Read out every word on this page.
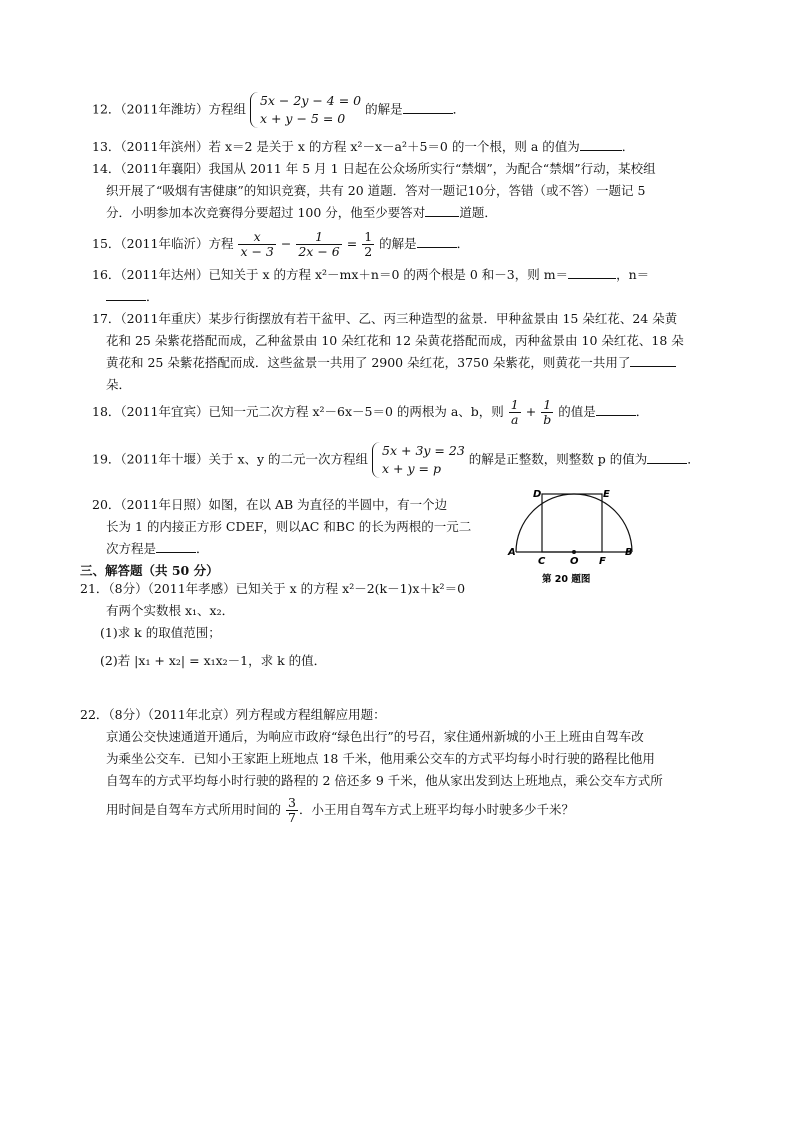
12．（2011年潍坊）方程组
5x − 2y − 4 = 0
x + y − 5 = 0
的解是	．
13．（2011年滨州）若 x＝2 是关于 x 的方程 x²－x－a²＋5＝0 的一个根，则 a 的值为	．
14．（2011年襄阳）我国从 2011 年 5 月 1 日起在公众场所实行“禁烟”，为配合“禁烟”行动，某校组
织开展了“吸烟有害健康”的知识竞赛，共有 20 道题．答对一题记10分，答错（或不答）一题记 5
分．小明参加本次竞赛得分要超过 100 分，他至少要答对	道题．
15．（2011年临沂）方程 $\frac{x}{x - 3} - \frac{1}{2x - 6} = \frac{1}{2}$ 的解是	．
16．（2011年达州）已知关于 x 的方程 x²－mx＋n＝0 的两个根是 0 和－3，则 m＝	，n＝
．
17．（2011年重庆）某步行街摆放有若干盆甲、乙、丙三种造型的盆景．甲种盆景由 15 朵红花、24 朵黄
花和 25 朵紫花搭配而成，乙种盆景由 10 朵红花和 12 朵黄花搭配而成，丙种盆景由 10 朵红花、18 朵
黄花和 25 朵紫花搭配而成．这些盆景一共用了 2900 朵红花，3750 朵紫花，则黄花一共用了
朵．
18．（2011年宜宾）已知一元二次方程 x²－6x－5＝0 的两根为 a、b，则 $\frac{1}{a} + \frac{1}{b}$ 的值是	．
19．（2011年十堰）关于 x、y 的二元一次方程组
5x + 3y = 23
x + y = p
的解是正整数，则整数 p 的值为	．
20．（2011年日照）如图，在以 AB 为直径的半圆中，有一个边
长为 1 的内接正方形 CDEF，则以AC 和BC 的长为两根的一元二
次方程是	．
D	E
A
C O F
B
第 20 题图
三、解答题（共 50 分）
21．（8分）（2011年孝感）已知关于 x 的方程 x²－2(k－1)x＋k²＝0
有两个实数根 x₁、x₂．
(1)求 k 的取值范围；
(2)若 |x₁ + x₂| = x₁x₂－1，求 k 的值．
22．（8分）（2011年北京）列方程或方程组解应用题：
京通公交快速通道开通后，为响应市政府“绿色出行”的号召，家住通州新城的小王上班由自驾车改
为乘坐公交车．已知小王家距上班地点 18 千米，他用乘公交车的方式平均每小时行驶的路程比他用
自驾车的方式平均每小时行驶的路程的 2 倍还多 9 千米，他从家出发到达上班地点，乘公交车方式所
用时间是自驾车方式所用时间的 $\frac{3}{7}$ ．小王用自驾车方式上班平均每小时驶多少千米？
